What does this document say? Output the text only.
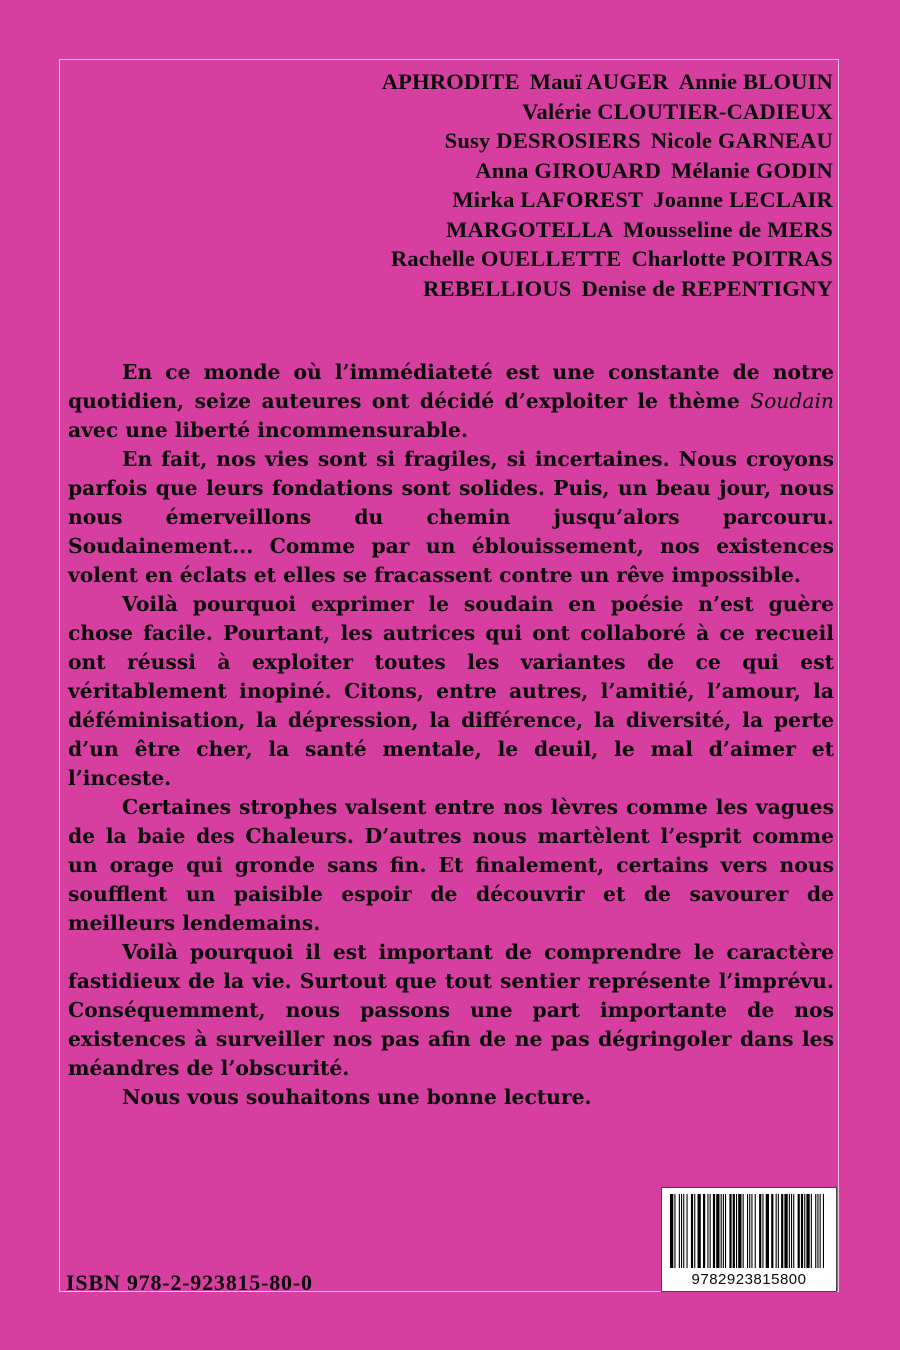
APHRODITE Mauï AUGER Annie BLOUIN
Valérie CLOUTIER-CADIEUX
Susy DESROSIERS Nicole GARNEAU
Anna GIROUARD Mélanie GODIN
Mirka LAFOREST Joanne LECLAIR
MARGOTELLA Mousseline de MERS
Rachelle OUELLETTE Charlotte POITRAS
REBELLIOUS Denise de REPENTIGNY

En ce monde où l’immédiateté est une constante de notre quotidien, seize auteures ont décidé d’exploiter le thème Soudain avec une liberté incommensurable.

En fait, nos vies sont si fragiles, si incertaines. Nous croyons parfois que leurs fondations sont solides. Puis, un beau jour, nous nous émerveillons du chemin jusqu’alors parcouru. Soudainement... Comme par un éblouissement, nos existences volent en éclats et elles se fracassent contre un rêve impossible.

Voilà pourquoi exprimer le soudain en poésie n’est guère chose facile. Pourtant, les autrices qui ont collaboré à ce recueil ont réussi à exploiter toutes les variantes de ce qui est véritablement inopiné. Citons, entre autres, l’amitié, l’amour, la déféminisation, la dépression, la différence, la diversité, la perte d’un être cher, la santé mentale, le deuil, le mal d’aimer et l’inceste.

Certaines strophes valsent entre nos lèvres comme les vagues de la baie des Chaleurs. D’autres nous martèlent l’esprit comme un orage qui gronde sans fin. Et finalement, certains vers nous soufflent un paisible espoir de découvrir et de savourer de meilleurs lendemains.

Voilà pourquoi il est important de comprendre le caractère fastidieux de la vie. Surtout que tout sentier représente l’imprévu. Conséquemment, nous passons une part importante de nos existences à surveiller nos pas afin de ne pas dégringoler dans les méandres de l’obscurité.

Nous vous souhaitons une bonne lecture.

ISBN 978-2-923815-80-0	9782923815800
